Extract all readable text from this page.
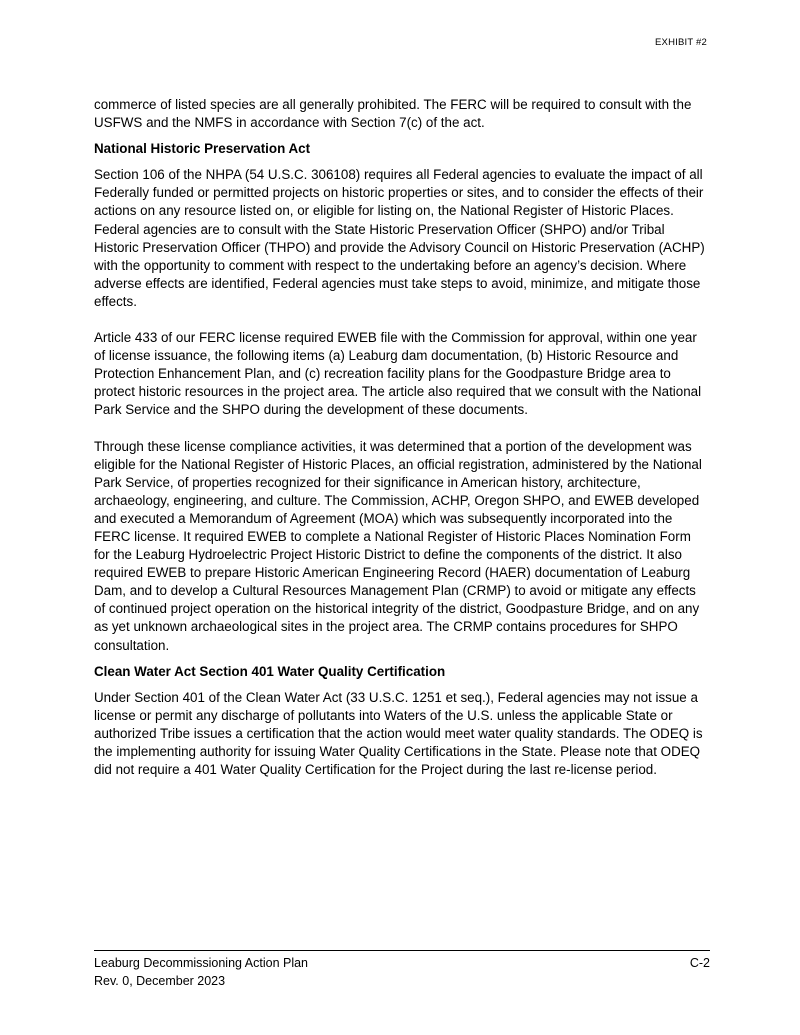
EXHIBIT #2

commerce of listed species are all generally prohibited. The FERC will be required to consult with the USFWS and the NMFS in accordance with Section 7(c) of the act.

National Historic Preservation Act

Section 106 of the NHPA (54 U.S.C. 306108) requires all Federal agencies to evaluate the impact of all Federally funded or permitted projects on historic properties or sites, and to consider the effects of their actions on any resource listed on, or eligible for listing on, the National Register of Historic Places. Federal agencies are to consult with the State Historic Preservation Officer (SHPO) and/or Tribal Historic Preservation Officer (THPO) and provide the Advisory Council on Historic Preservation (ACHP) with the opportunity to comment with respect to the undertaking before an agency’s decision. Where adverse effects are identified, Federal agencies must take steps to avoid, minimize, and mitigate those effects.

Article 433 of our FERC license required EWEB file with the Commission for approval, within one year of license issuance, the following items (a) Leaburg dam documentation, (b) Historic Resource and Protection Enhancement Plan, and (c) recreation facility plans for the Goodpasture Bridge area to protect historic resources in the project area. The article also required that we consult with the National Park Service and the SHPO during the development of these documents.

Through these license compliance activities, it was determined that a portion of the development was eligible for the National Register of Historic Places, an official registration, administered by the National Park Service, of properties recognized for their significance in American history, architecture, archaeology, engineering, and culture. The Commission, ACHP, Oregon SHPO, and EWEB developed and executed a Memorandum of Agreement (MOA) which was subsequently incorporated into the FERC license. It required EWEB to complete a National Register of Historic Places Nomination Form for the Leaburg Hydroelectric Project Historic District to define the components of the district. It also required EWEB to prepare Historic American Engineering Record (HAER) documentation of Leaburg Dam, and to develop a Cultural Resources Management Plan (CRMP) to avoid or mitigate any effects of continued project operation on the historical integrity of the district, Goodpasture Bridge, and on any as yet unknown archaeological sites in the project area. The CRMP contains procedures for SHPO consultation.

Clean Water Act Section 401 Water Quality Certification

Under Section 401 of the Clean Water Act (33 U.S.C. 1251 et seq.), Federal agencies may not issue a license or permit any discharge of pollutants into Waters of the U.S. unless the applicable State or authorized Tribe issues a certification that the action would meet water quality standards. The ODEQ is the implementing authority for issuing Water Quality Certifications in the State. Please note that ODEQ did not require a 401 Water Quality Certification for the Project during the last re-license period.

Leaburg Decommissioning Action Plan	C-2
Rev. 0, December 2023
